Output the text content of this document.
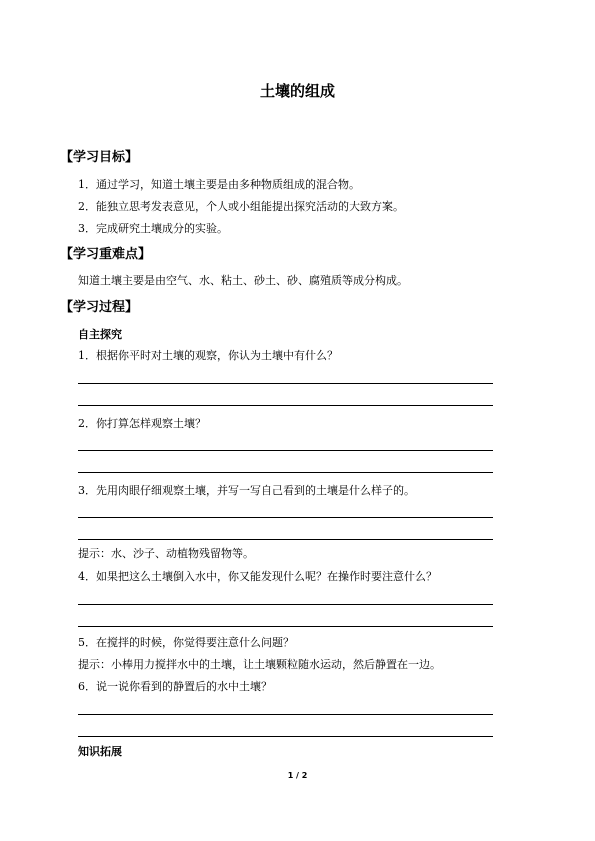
土壤的组成
【学习目标】
1．通过学习，知道土壤主要是由多种物质组成的混合物。
2．能独立思考发表意见，个人或小组能提出探究活动的大致方案。
3．完成研究土壤成分的实验。
【学习重难点】
知道土壤主要是由空气、水、粘土、砂土、砂、腐殖质等成分构成。
【学习过程】
自主探究
1．根据你平时对土壤的观察，你认为土壤中有什么？
2．你打算怎样观察土壤？
3．先用肉眼仔细观察土壤，并写一写自己看到的土壤是什么样子的。
提示：水、沙子、动植物残留物等。
4．如果把这么土壤倒入水中，你又能发现什么呢？在操作时要注意什么？
5．在搅拌的时候，你觉得要注意什么问题？
提示：小棒用力搅拌水中的土壤，让土壤颗粒随水运动，然后静置在一边。
6．说一说你看到的静置后的水中土壤？
知识拓展
1 / 2
